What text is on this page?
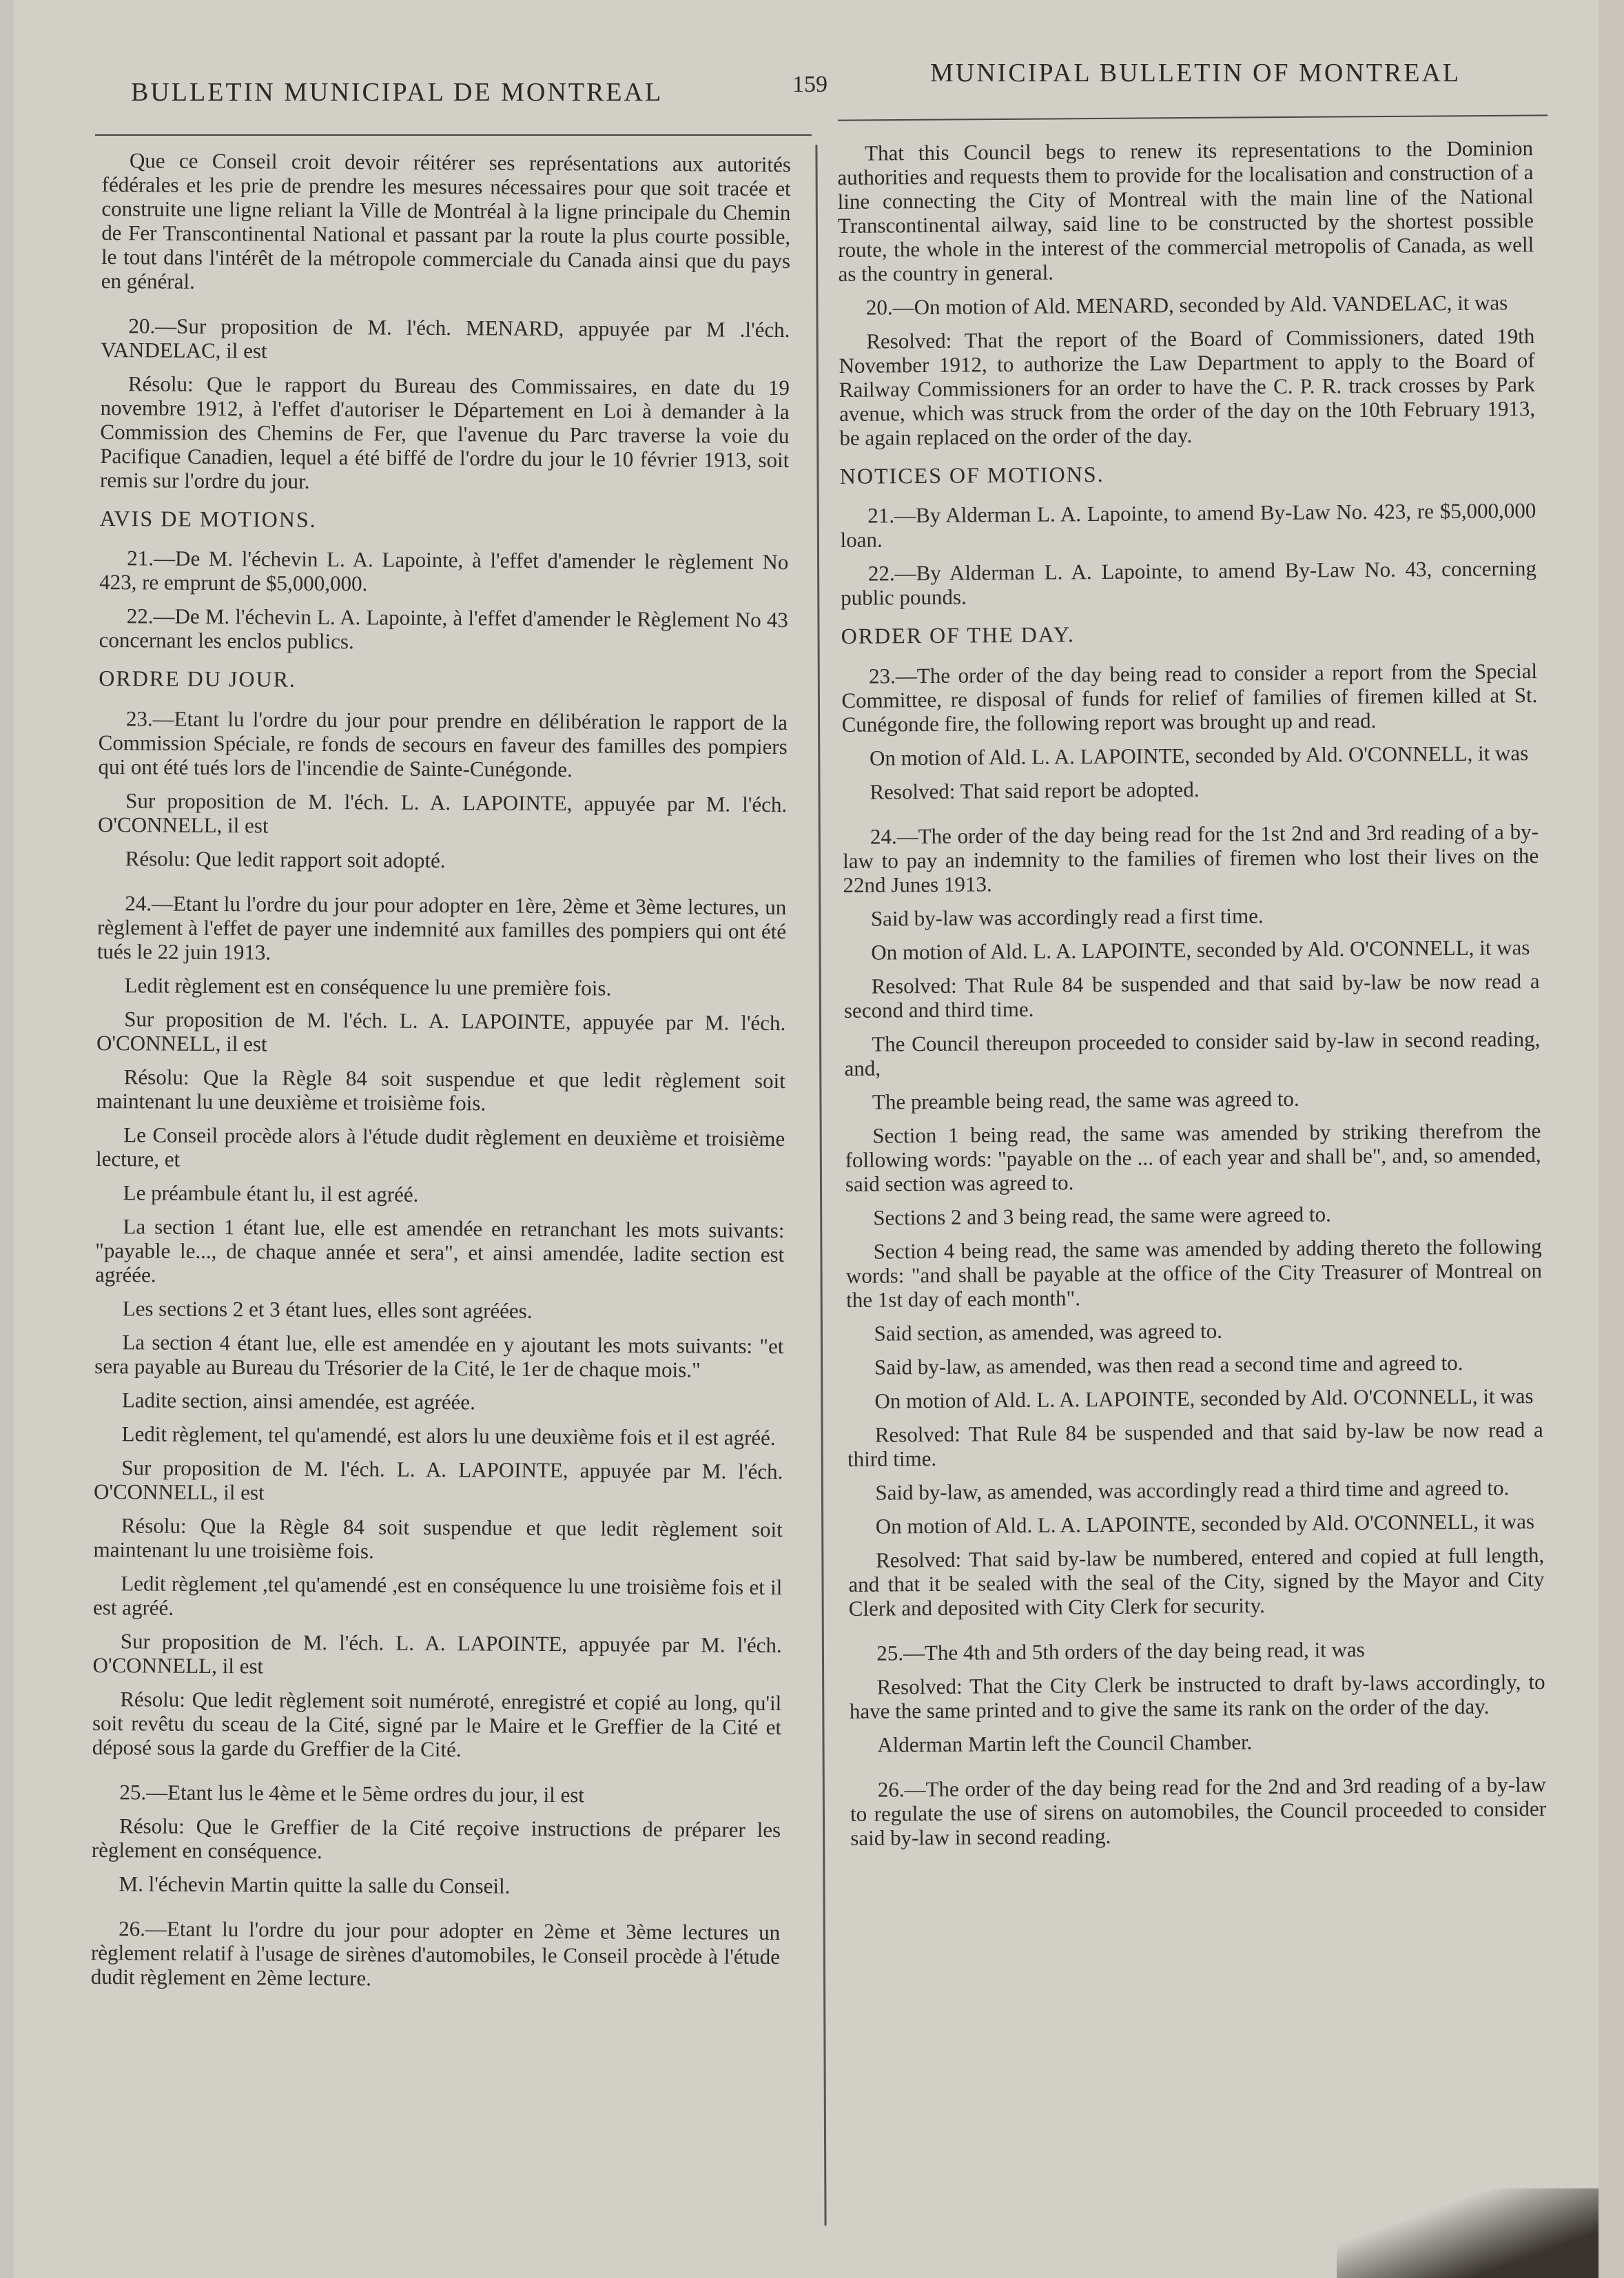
BULLETIN MUNICIPAL DE MONTREAL	159	MUNICIPAL BULLETIN OF MONTREAL

Que ce Conseil croit devoir réitérer ses représentations aux autorités fédérales et les prie de prendre les mesures nécessaires pour que soit tracée et construite une ligne reliant la Ville de Montréal à la ligne principale du Chemin de Fer Transcontinental National et passant par la route la plus courte possible, le tout dans l'intérêt de la métropole commerciale du Canada ainsi que du pays en général.

20.—Sur proposition de M. l'éch. MENARD, appuyée par M .l'éch. VANDELAC, il est

Résolu: Que le rapport du Bureau des Commissaires, en date du 19 novembre 1912, à l'effet d'autoriser le Département en Loi à demander à la Commission des Chemins de Fer, que l'avenue du Parc traverse la voie du Pacifique Canadien, lequel a été biffé de l'ordre du jour le 10 février 1913, soit remis sur l'ordre du jour.

AVIS DE MOTIONS.

21.—De M. l'échevin L. A. Lapointe, à l'effet d'amender le règlement No 423, re emprunt de $5,000,000.

22.—De M. l'échevin L. A. Lapointe, à l'effet d'amender le Règlement No 43 concernant les enclos publics.

ORDRE DU JOUR.

23.—Etant lu l'ordre du jour pour prendre en délibération le rapport de la Commission Spéciale, re fonds de secours en faveur des familles des pompiers qui ont été tués lors de l'incendie de Sainte-Cunégonde.

Sur proposition de M. l'éch. L. A. LAPOINTE, appuyée par M. l'éch. O'CONNELL, il est

Résolu: Que ledit rapport soit adopté.

24.—Etant lu l'ordre du jour pour adopter en 1ère, 2ème et 3ème lectures, un règlement à l'effet de payer une indemnité aux familles des pompiers qui ont été tués le 22 juin 1913.

Ledit règlement est en conséquence lu une première fois.

Sur proposition de M. l'éch. L. A. LAPOINTE, appuyée par M. l'éch. O'CONNELL, il est

Résolu: Que la Règle 84 soit suspendue et que ledit règlement soit maintenant lu une deuxième et troisième fois.

Le Conseil procède alors à l'étude dudit règlement en deuxième et troisième lecture, et

Le préambule étant lu, il est agréé.

La section 1 étant lue, elle est amendée en retranchant les mots suivants: "payable le..., de chaque année et sera", et ainsi amendée, ladite section est agréée.

Les sections 2 et 3 étant lues, elles sont agréées.

La section 4 étant lue, elle est amendée en y ajoutant les mots suivants: "et sera payable au Bureau du Trésorier de la Cité, le 1er de chaque mois."

Ladite section, ainsi amendée, est agréée.

Ledit règlement, tel qu'amendé, est alors lu une deuxième fois et il est agréé.

Sur proposition de M. l'éch. L. A. LAPOINTE, appuyée par M. l'éch. O'CONNELL, il est

Résolu: Que la Règle 84 soit suspendue et que ledit règlement soit maintenant lu une troisième fois.

Ledit règlement ,tel qu'amendé ,est en conséquence lu une troisième fois et il est agréé.

Sur proposition de M. l'éch. L. A. LAPOINTE, appuyée par M. l'éch. O'CONNELL, il est

Résolu: Que ledit règlement soit numéroté, enregistré et copié au long, qu'il soit revêtu du sceau de la Cité, signé par le Maire et le Greffier de la Cité et déposé sous la garde du Greffier de la Cité.

25.—Etant lus le 4ème et le 5ème ordres du jour, il est

Résolu: Que le Greffier de la Cité reçoive instructions de préparer les règlement en conséquence.

M. l'échevin Martin quitte la salle du Conseil.

26.—Etant lu l'ordre du jour pour adopter en 2ème et 3ème lectures un règlement relatif à l'usage de sirènes d'automobiles, le Conseil procède à l'étude dudit règlement en 2ème lecture.

That this Council begs to renew its representations to the Dominion authorities and requests them to provide for the localisation and construction of a line connecting the City of Montreal with the main line of the National Transcontinental ailway, said line to be constructed by the shortest possible route, the whole in the interest of the commercial metropolis of Canada, as well as the country in general.

20.—On motion of Ald. MENARD, seconded by Ald. VANDELAC, it was

Resolved: That the report of the Board of Commissioners, dated 19th November 1912, to authorize the Law Department to apply to the Board of Railway Commissioners for an order to have the C. P. R. track crosses by Park avenue, which was struck from the order of the day on the 10th February 1913, be again replaced on the order of the day.

NOTICES OF MOTIONS.

21.—By Alderman L. A. Lapointe, to amend By-Law No. 423, re $5,000,000 loan.

22.—By Alderman L. A. Lapointe, to amend By-Law No. 43, concerning public pounds.

ORDER OF THE DAY.

23.—The order of the day being read to consider a report from the Special Committee, re disposal of funds for relief of families of firemen killed at St. Cunégonde fire, the following report was brought up and read.

On motion of Ald. L. A. LAPOINTE, seconded by Ald. O'CONNELL, it was

Resolved: That said report be adopted.

24.—The order of the day being read for the 1st 2nd and 3rd reading of a by-law to pay an indemnity to the families of firemen who lost their lives on the 22nd Junes 1913.

Said by-law was accordingly read a first time.

On motion of Ald. L. A. LAPOINTE, seconded by Ald. O'CONNELL, it was

Resolved: That Rule 84 be suspended and that said by-law be now read a second and third time.

The Council thereupon proceeded to consider said by-law in second reading, and,

The preamble being read, the same was agreed to.

Section 1 being read, the same was amended by striking therefrom the following words: "payable on the ... of each year and shall be", and, so amended, said section was agreed to.

Sections 2 and 3 being read, the same were agreed to.

Section 4 being read, the same was amended by adding thereto the following words: "and shall be payable at the office of the City Treasurer of Montreal on the 1st day of each month".

Said section, as amended, was agreed to.

Said by-law, as amended, was then read a second time and agreed to.

On motion of Ald. L. A. LAPOINTE, seconded by Ald. O'CONNELL, it was

Resolved: That Rule 84 be suspended and that said by-law be now read a third time.

Said by-law, as amended, was accordingly read a third time and agreed to.

On motion of Ald. L. A. LAPOINTE, seconded by Ald. O'CONNELL, it was

Resolved: That said by-law be numbered, entered and copied at full length, and that it be sealed with the seal of the City, signed by the Mayor and City Clerk and deposited with City Clerk for security.

25.—The 4th and 5th orders of the day being read, it was

Resolved: That the City Clerk be instructed to draft by-laws accordingly, to have the same printed and to give the same its rank on the order of the day.

Alderman Martin left the Council Chamber.

26.—The order of the day being read for the 2nd and 3rd reading of a by-law to regulate the use of sirens on automobiles, the Council proceeded to consider said by-law in second reading.
